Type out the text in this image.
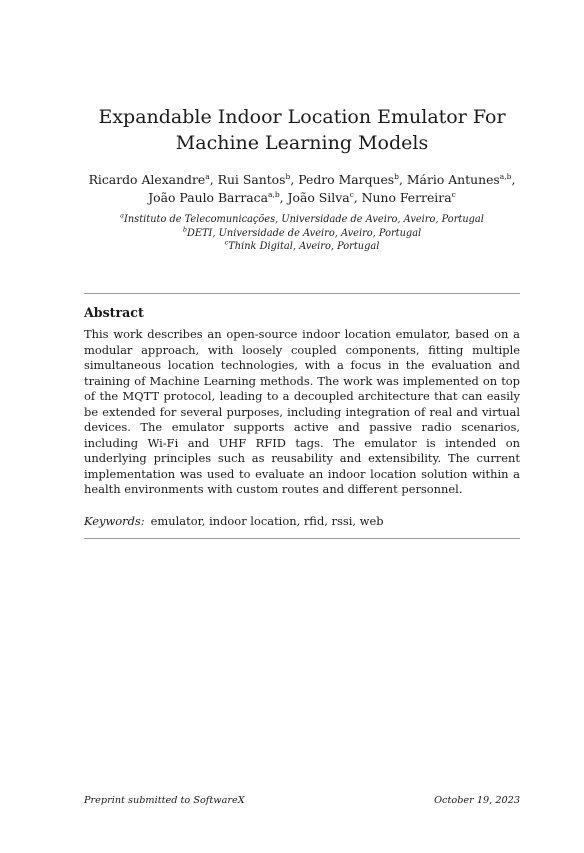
Expandable Indoor Location Emulator For Machine Learning Models
Ricardo Alexandre$^a$, Rui Santos$^b$, Pedro Marques$^b$, Mário Antunes$^{a,b}$, João Paulo Barraca$^{a,b}$, João Silva$^c$, Nuno Ferreira$^c$
$^a$Instituto de Telecomunicações, Universidade de Aveiro, Aveiro, Portugal
$^b$DETI, Universidade de Aveiro, Aveiro, Portugal
$^c$Think Digital, Aveiro, Portugal
Abstract
This work describes an open-source indoor location emulator, based on a modular approach, with loosely coupled components, fitting multiple simultaneous location technologies, with a focus in the evaluation and training of Machine Learning methods. The work was implemented on top of the MQTT protocol, leading to a decoupled architecture that can easily be extended for several purposes, including integration of real and virtual devices. The emulator supports active and passive radio scenarios, including Wi-Fi and UHF RFID tags. The emulator is intended on underlying principles such as reusability and extensibility. The current implementation was used to evaluate an indoor location solution within a health environments with custom routes and different personnel.
Keywords: emulator, indoor location, rfid, rssi, web
Preprint submitted to SoftwareX	October 19, 2023
